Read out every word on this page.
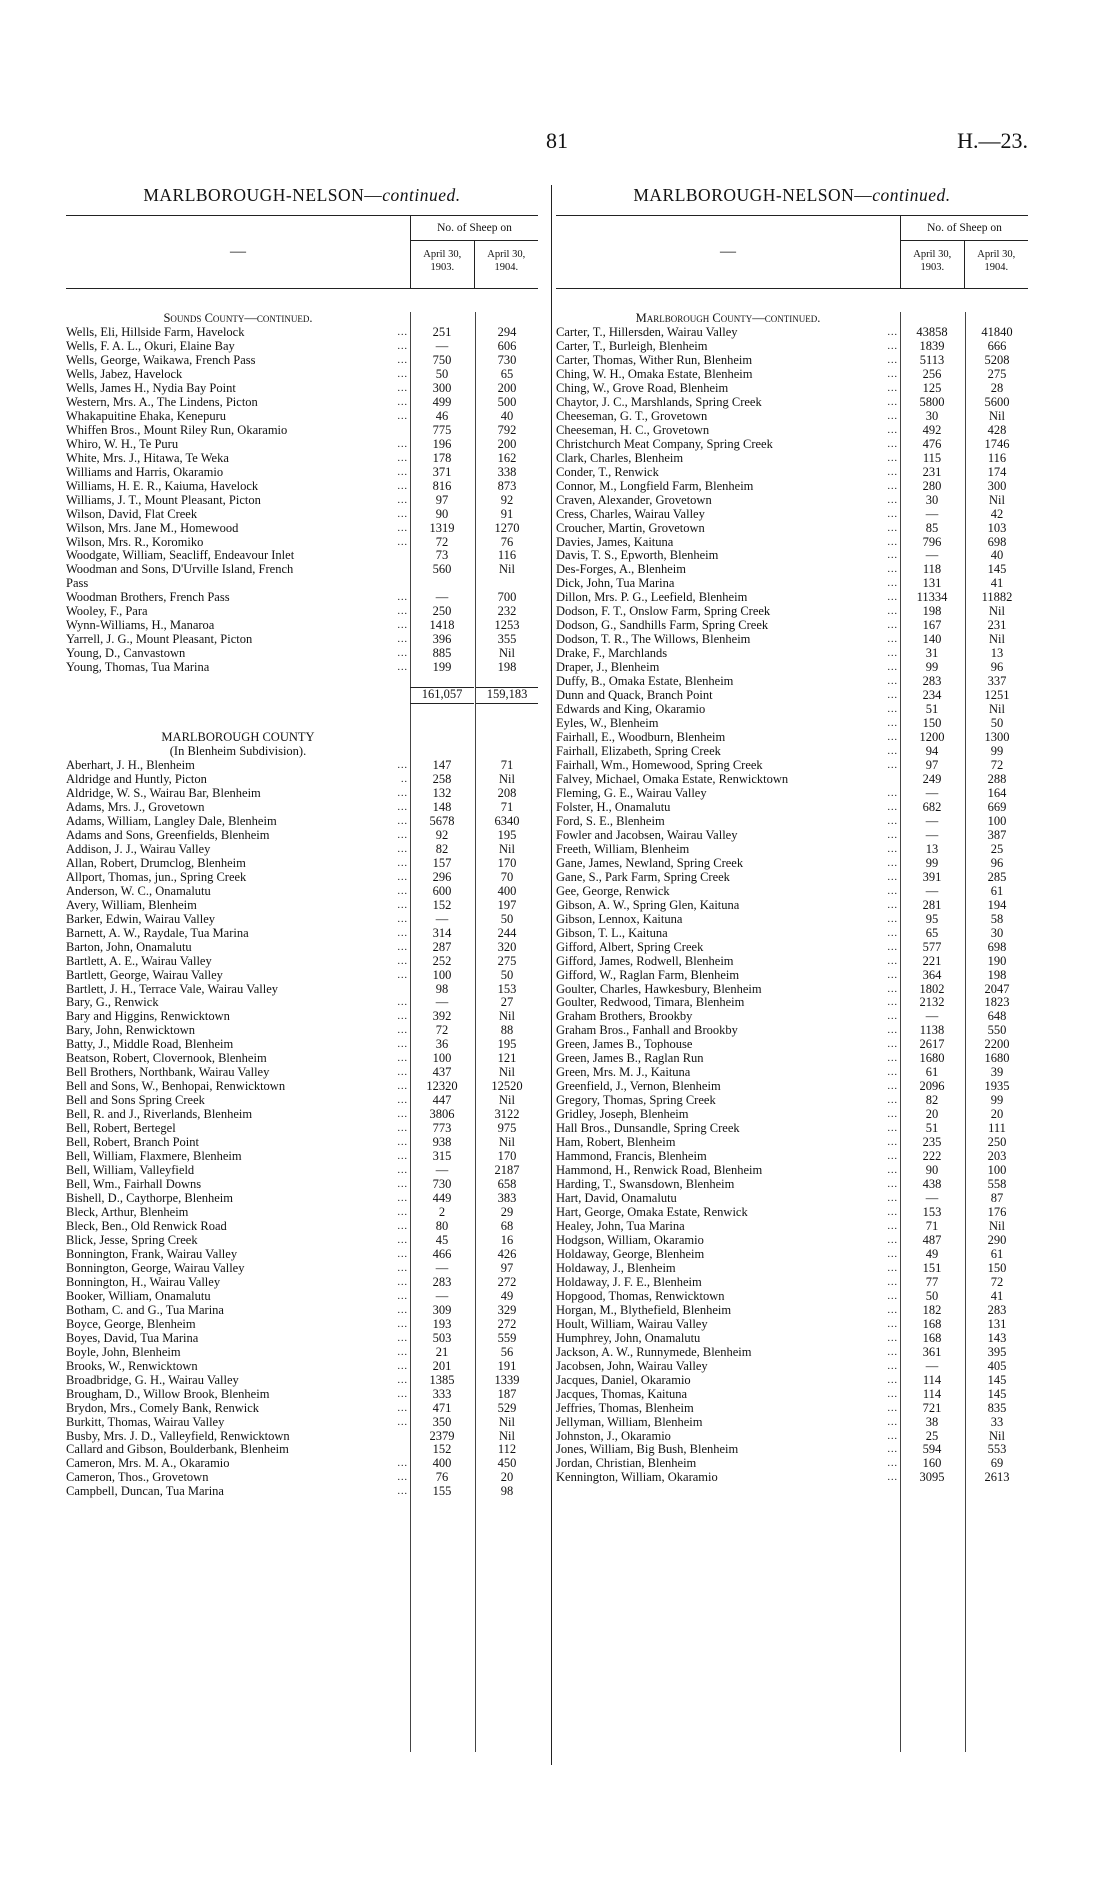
81	H.—23.
MARLBOROUGH-NELSON—continued.
—
No. of Sheep on
April 30, 1903.
April 30, 1904.
Sounds County—continued.
Wells, Eli, Hillside Farm, Havelock	...	251	294
Wells, F. A. L., Okuri, Elaine Bay	...	—	606
Wells, George, Waikawa, French Pass	...	750	730
Wells, Jabez, Havelock	...	50	65
Wells, James H., Nydia Bay Point	...	300	200
Western, Mrs. A., The Lindens, Picton	...	499	500
Whakapuitine Ehaka, Kenepuru	...	46	40
Whiffen Bros., Mount Riley Run, Okaramio	775	792
Whiro, W. H., Te Puru	...	196	200
White, Mrs. J., Hitawa, Te Weka	...	178	162
Williams and Harris, Okaramio	...	371	338
Williams, H. E. R., Kaiuma, Havelock	...	816	873
Williams, J. T., Mount Pleasant, Picton	...	97	92
Wilson, David, Flat Creek	...	90	91
Wilson, Mrs. Jane M., Homewood	...	1319	1270
Wilson, Mrs. R., Koromiko	...	72	76
Woodgate, William, Seacliff, Endeavour Inlet	73	116
Woodman and Sons, D'Urville Island, French	560	Nil
Pass
Woodman Brothers, French Pass	...	—	700
Wooley, F., Para	...	250	232
Wynn-Williams, H., Manaroa	...	1418	1253
Yarrell, J. G., Mount Pleasant, Picton	...	396	355
Young, D., Canvastown	...	885	Nil
Young, Thomas, Tua Marina	...	199	198
161,057	159,183
MARLBOROUGH COUNTY
(In Blenheim Subdivision).
Aberhart, J. H., Blenheim	...	147	71
Aldridge and Huntly, Picton	..	258	Nil
Aldridge, W. S., Wairau Bar, Blenheim	...	132	208
Adams, Mrs. J., Grovetown	...	148	71
Adams, William, Langley Dale, Blenheim	...	5678	6340
Adams and Sons, Greenfields, Blenheim	...	92	195
Addison, J. J., Wairau Valley	...	82	Nil
Allan, Robert, Drumclog, Blenheim	...	157	170
Allport, Thomas, jun., Spring Creek	...	296	70
Anderson, W. C., Onamalutu	...	600	400
Avery, William, Blenheim	...	152	197
Barker, Edwin, Wairau Valley	...	—	50
Barnett, A. W., Raydale, Tua Marina	...	314	244
Barton, John, Onamalutu	...	287	320
Bartlett, A. E., Wairau Valley	...	252	275
Bartlett, George, Wairau Valley	...	100	50
Bartlett, J. H., Terrace Vale, Wairau Valley	98	153
Bary, G., Renwick	...	—	27
Bary and Higgins, Renwicktown	...	392	Nil
Bary, John, Renwicktown	...	72	88
Batty, J., Middle Road, Blenheim	...	36	195
Beatson, Robert, Clovernook, Blenheim	...	100	121
Bell Brothers, Northbank, Wairau Valley	...	437	Nil
Bell and Sons, W., Benhopai, Renwicktown	...	12320	12520
Bell and Sons Spring Creek	...	447	Nil
Bell, R. and J., Riverlands, Blenheim	...	3806	3122
Bell, Robert, Bertegel	...	773	975
Bell, Robert, Branch Point	...	938	Nil
Bell, William, Flaxmere, Blenheim	...	315	170
Bell, William, Valleyfield	...	—	2187
Bell, Wm., Fairhall Downs	...	730	658
Bishell, D., Caythorpe, Blenheim	...	449	383
Bleck, Arthur, Blenheim	...	2	29
Bleck, Ben., Old Renwick Road	...	80	68
Blick, Jesse, Spring Creek	...	45	16
Bonnington, Frank, Wairau Valley	...	466	426
Bonnington, George, Wairau Valley	...	—	97
Bonnington, H., Wairau Valley	...	283	272
Booker, William, Onamalutu	...	—	49
Botham, C. and G., Tua Marina	...	309	329
Boyce, George, Blenheim	...	193	272
Boyes, David, Tua Marina	...	503	559
Boyle, John, Blenheim	...	21	56
Brooks, W., Renwicktown	...	201	191
Broadbridge, G. H., Wairau Valley	...	1385	1339
Brougham, D., Willow Brook, Blenheim	...	333	187
Brydon, Mrs., Comely Bank, Renwick	...	471	529
Burkitt, Thomas, Wairau Valley	...	350	Nil
Busby, Mrs. J. D., Valleyfield, Renwicktown	2379	Nil
Callard and Gibson, Boulderbank, Blenheim	152	112
Cameron, Mrs. M. A., Okaramio	...	400	450
Cameron, Thos., Grovetown	...	76	20
Campbell, Duncan, Tua Marina	...	155	98
MARLBOROUGH-NELSON—continued.
—
No. of Sheep on
April 30, 1903.
April 30, 1904.
Marlborough County—continued.
Carter, T., Hillersden, Wairau Valley	...	43858	41840
Carter, T., Burleigh, Blenheim	...	1839	666
Carter, Thomas, Wither Run, Blenheim	...	5113	5208
Ching, W. H., Omaka Estate, Blenheim	...	256	275
Ching, W., Grove Road, Blenheim	...	125	28
Chaytor, J. C., Marshlands, Spring Creek	...	5800	5600
Cheeseman, G. T., Grovetown	...	30	Nil
Cheeseman, H. C., Grovetown	...	492	428
Christchurch Meat Company, Spring Creek	...	476	1746
Clark, Charles, Blenheim	...	115	116
Conder, T., Renwick	...	231	174
Connor, M., Longfield Farm, Blenheim	...	280	300
Craven, Alexander, Grovetown	...	30	Nil
Cress, Charles, Wairau Valley	...	—	42
Croucher, Martin, Grovetown	...	85	103
Davies, James, Kaituna	...	796	698
Davis, T. S., Epworth, Blenheim	...	—	40
Des-Forges, A., Blenheim	...	118	145
Dick, John, Tua Marina	...	131	41
Dillon, Mrs. P. G., Leefield, Blenheim	...	11334	11882
Dodson, F. T., Onslow Farm, Spring Creek	...	198	Nil
Dodson, G., Sandhills Farm, Spring Creek	...	167	231
Dodson, T. R., The Willows, Blenheim	...	140	Nil
Drake, F., Marchlands	...	31	13
Draper, J., Blenheim	...	99	96
Duffy, B., Omaka Estate, Blenheim	...	283	337
Dunn and Quack, Branch Point	...	234	1251
Edwards and King, Okaramio	...	51	Nil
Eyles, W., Blenheim	...	150	50
Fairhall, E., Woodburn, Blenheim	...	1200	1300
Fairhall, Elizabeth, Spring Creek	...	94	99
Fairhall, Wm., Homewood, Spring Creek	...	97	72
Falvey, Michael, Omaka Estate, Renwicktown	249	288
Fleming, G. E., Wairau Valley	...	—	164
Folster, H., Onamalutu	...	682	669
Ford, S. E., Blenheim	...	—	100
Fowler and Jacobsen, Wairau Valley	...	—	387
Freeth, William, Blenheim	...	13	25
Gane, James, Newland, Spring Creek	...	99	96
Gane, S., Park Farm, Spring Creek	...	391	285
Gee, George, Renwick	...	—	61
Gibson, A. W., Spring Glen, Kaituna	...	281	194
Gibson, Lennox, Kaituna	...	95	58
Gibson, T. L., Kaituna	...	65	30
Gifford, Albert, Spring Creek	...	577	698
Gifford, James, Rodwell, Blenheim	...	221	190
Gifford, W., Raglan Farm, Blenheim	...	364	198
Goulter, Charles, Hawkesbury, Blenheim	...	1802	2047
Goulter, Redwood, Timara, Blenheim	...	2132	1823
Graham Brothers, Brookby	...	—	648
Graham Bros., Fanhall and Brookby	...	1138	550
Green, James B., Tophouse	...	2617	2200
Green, James B., Raglan Run	...	1680	1680
Green, Mrs. M. J., Kaituna	...	61	39
Greenfield, J., Vernon, Blenheim	...	2096	1935
Gregory, Thomas, Spring Creek	...	82	99
Gridley, Joseph, Blenheim	...	20	20
Hall Bros., Dunsandle, Spring Creek	...	51	111
Ham, Robert, Blenheim	...	235	250
Hammond, Francis, Blenheim	...	222	203
Hammond, H., Renwick Road, Blenheim	...	90	100
Harding, T., Swansdown, Blenheim	...	438	558
Hart, David, Onamalutu	...	—	87
Hart, George, Omaka Estate, Renwick	...	153	176
Healey, John, Tua Marina	...	71	Nil
Hodgson, William, Okaramio	...	487	290
Holdaway, George, Blenheim	...	49	61
Holdaway, J., Blenheim	...	151	150
Holdaway, J. F. E., Blenheim	...	77	72
Hopgood, Thomas, Renwicktown	...	50	41
Horgan, M., Blythefield, Blenheim	...	182	283
Hoult, William, Wairau Valley	...	168	131
Humphrey, John, Onamalutu	...	168	143
Jackson, A. W., Runnymede, Blenheim	...	361	395
Jacobsen, John, Wairau Valley	...	—	405
Jacques, Daniel, Okaramio	...	114	145
Jacques, Thomas, Kaituna	...	114	145
Jeffries, Thomas, Blenheim	...	721	835
Jellyman, William, Blenheim	...	38	33
Johnston, J., Okaramio	...	25	Nil
Jones, William, Big Bush, Blenheim	...	594	553
Jordan, Christian, Blenheim	...	160	69
Kennington, William, Okaramio	...	3095	2613
